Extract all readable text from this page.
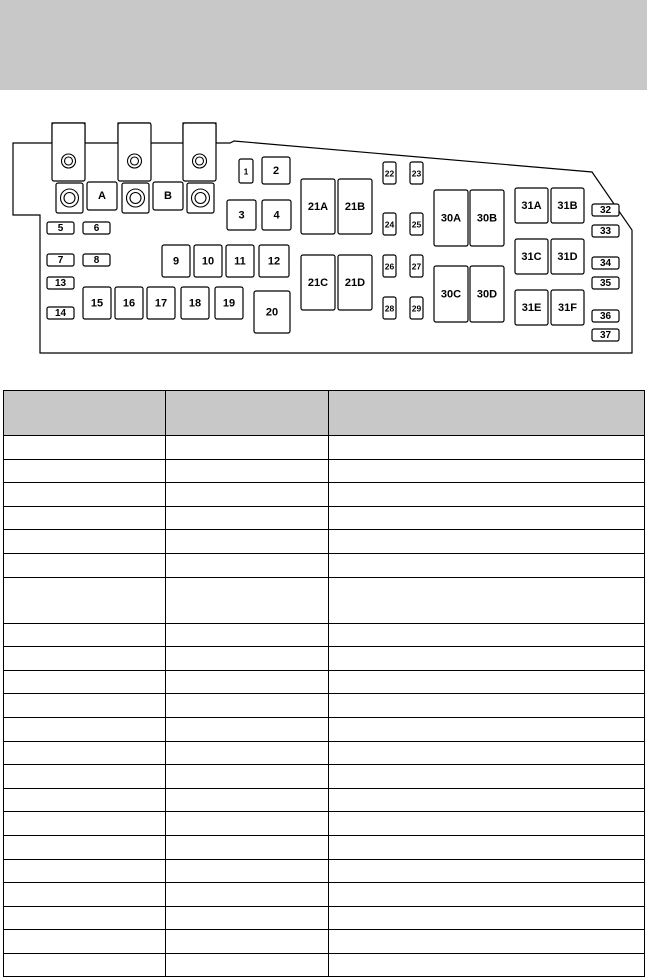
A	B
1 2
3	4
5	6
7	8	9 10 11 12
13
14
15 16 17 18 19
20
21A 21B
21C 21D
22 23
24 25
26 27
28 29
30A 30B
30C 30D
31A 31B
31C 31D
31E 31F
32
33
34
35
36
37
